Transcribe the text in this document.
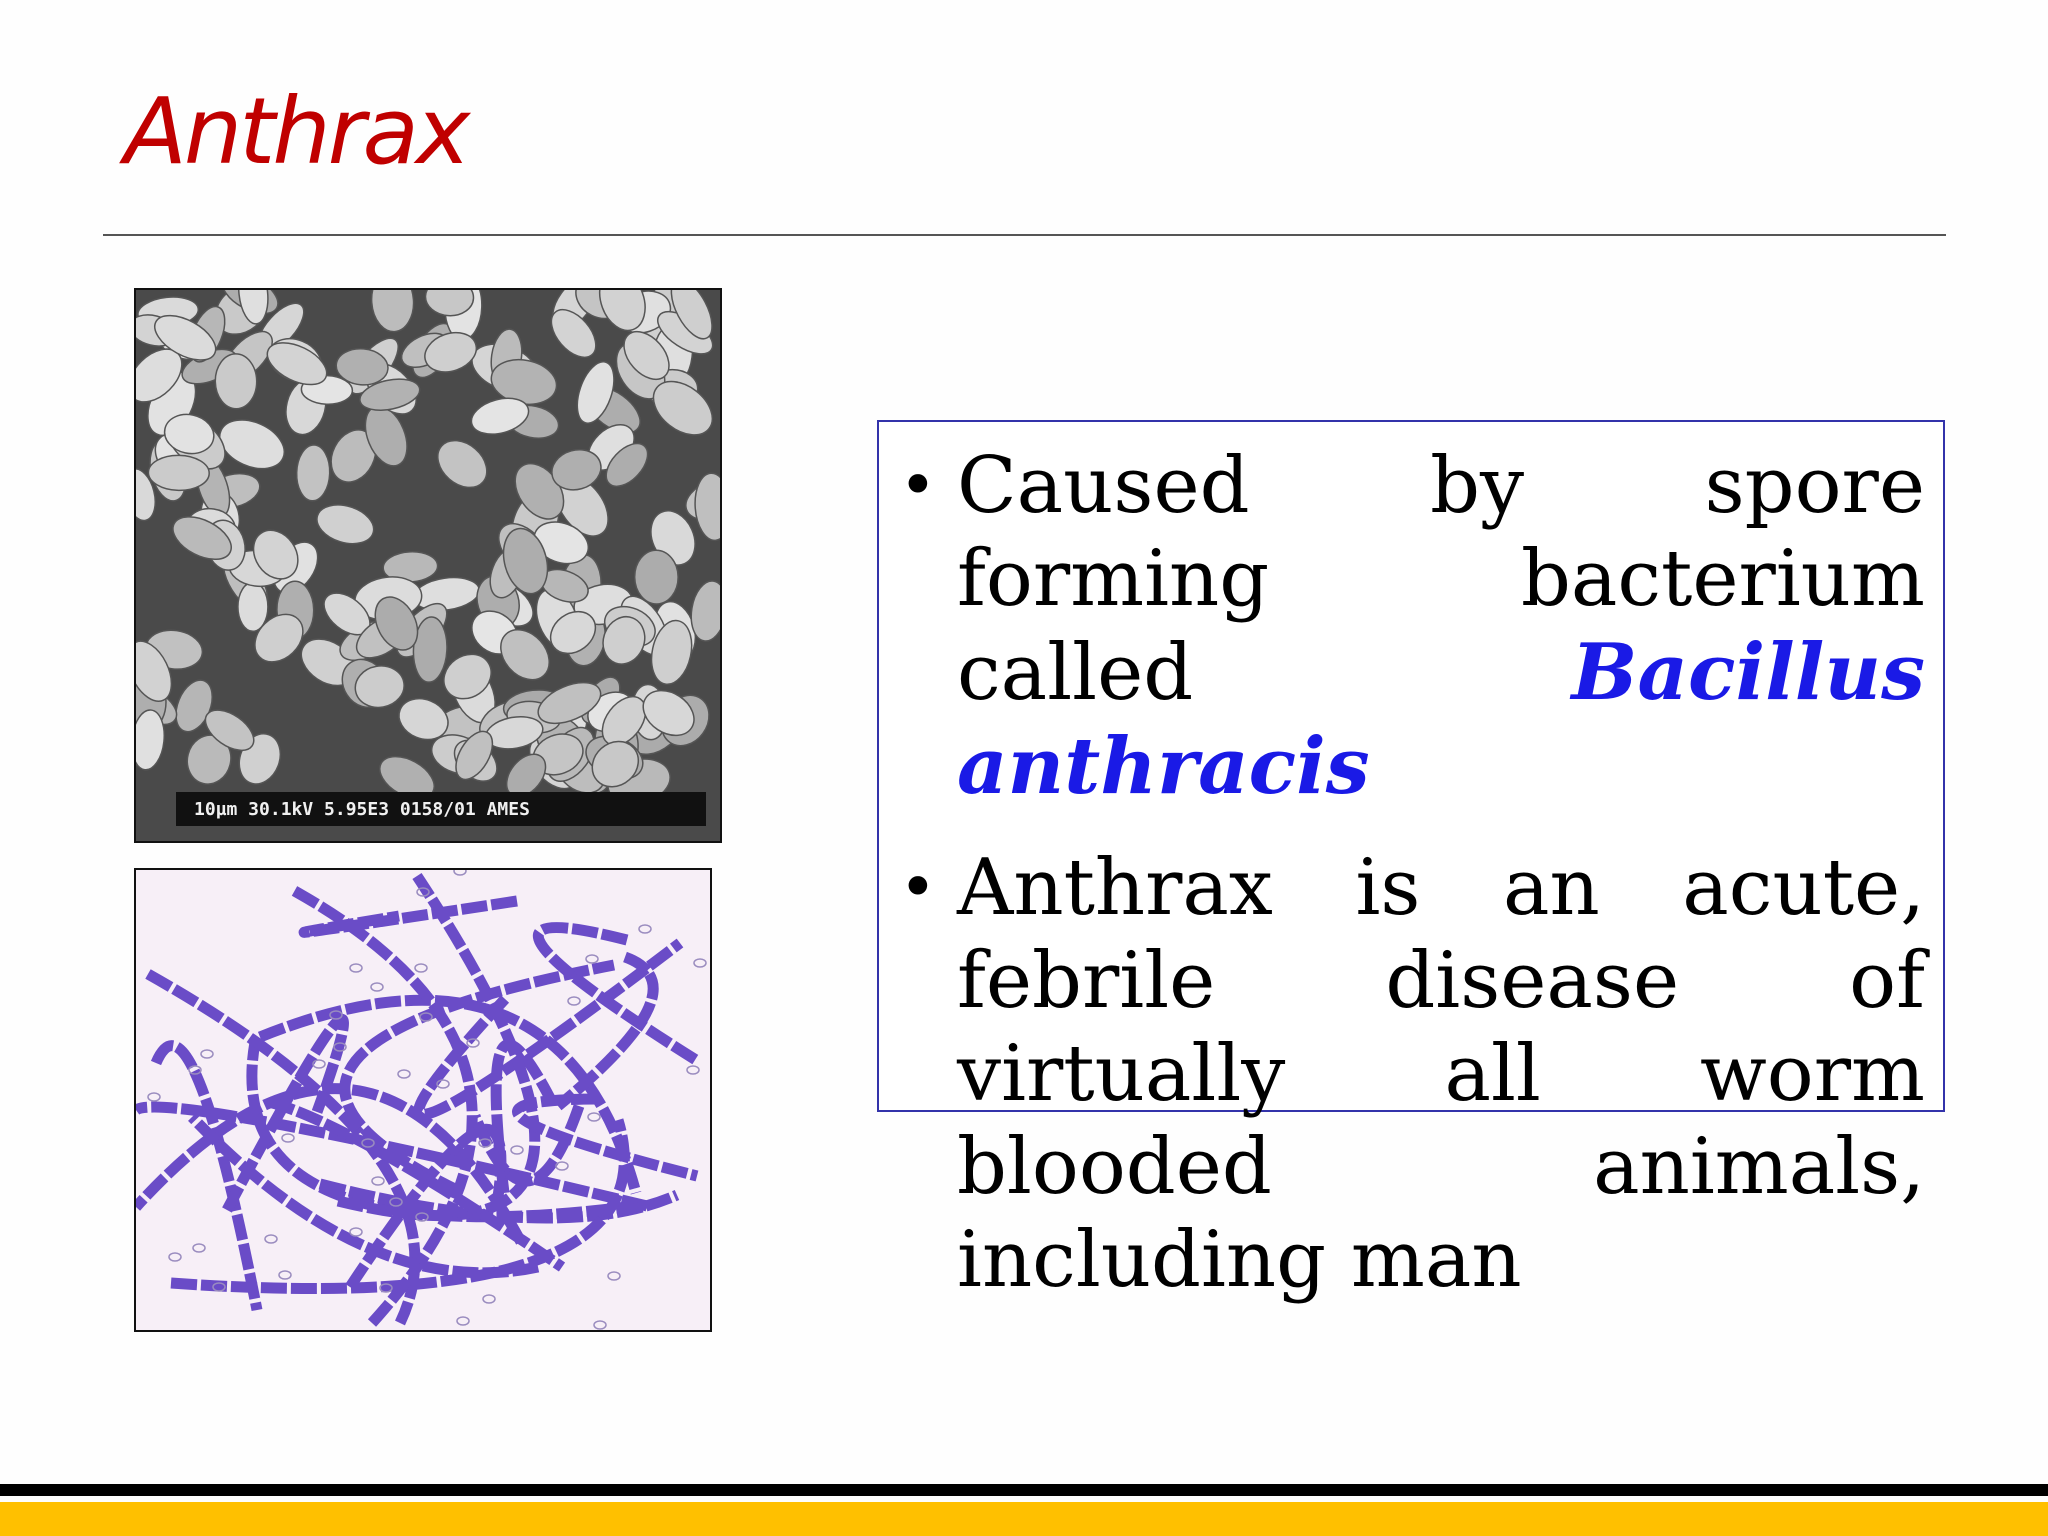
Anthrax
10µm 30.1kV 5.95E3 0158/01 AMES
• Caused by spore forming bacterium called Bacillus anthracis
• Anthrax is an acute, febrile disease of virtually all worm blooded animals, including man
